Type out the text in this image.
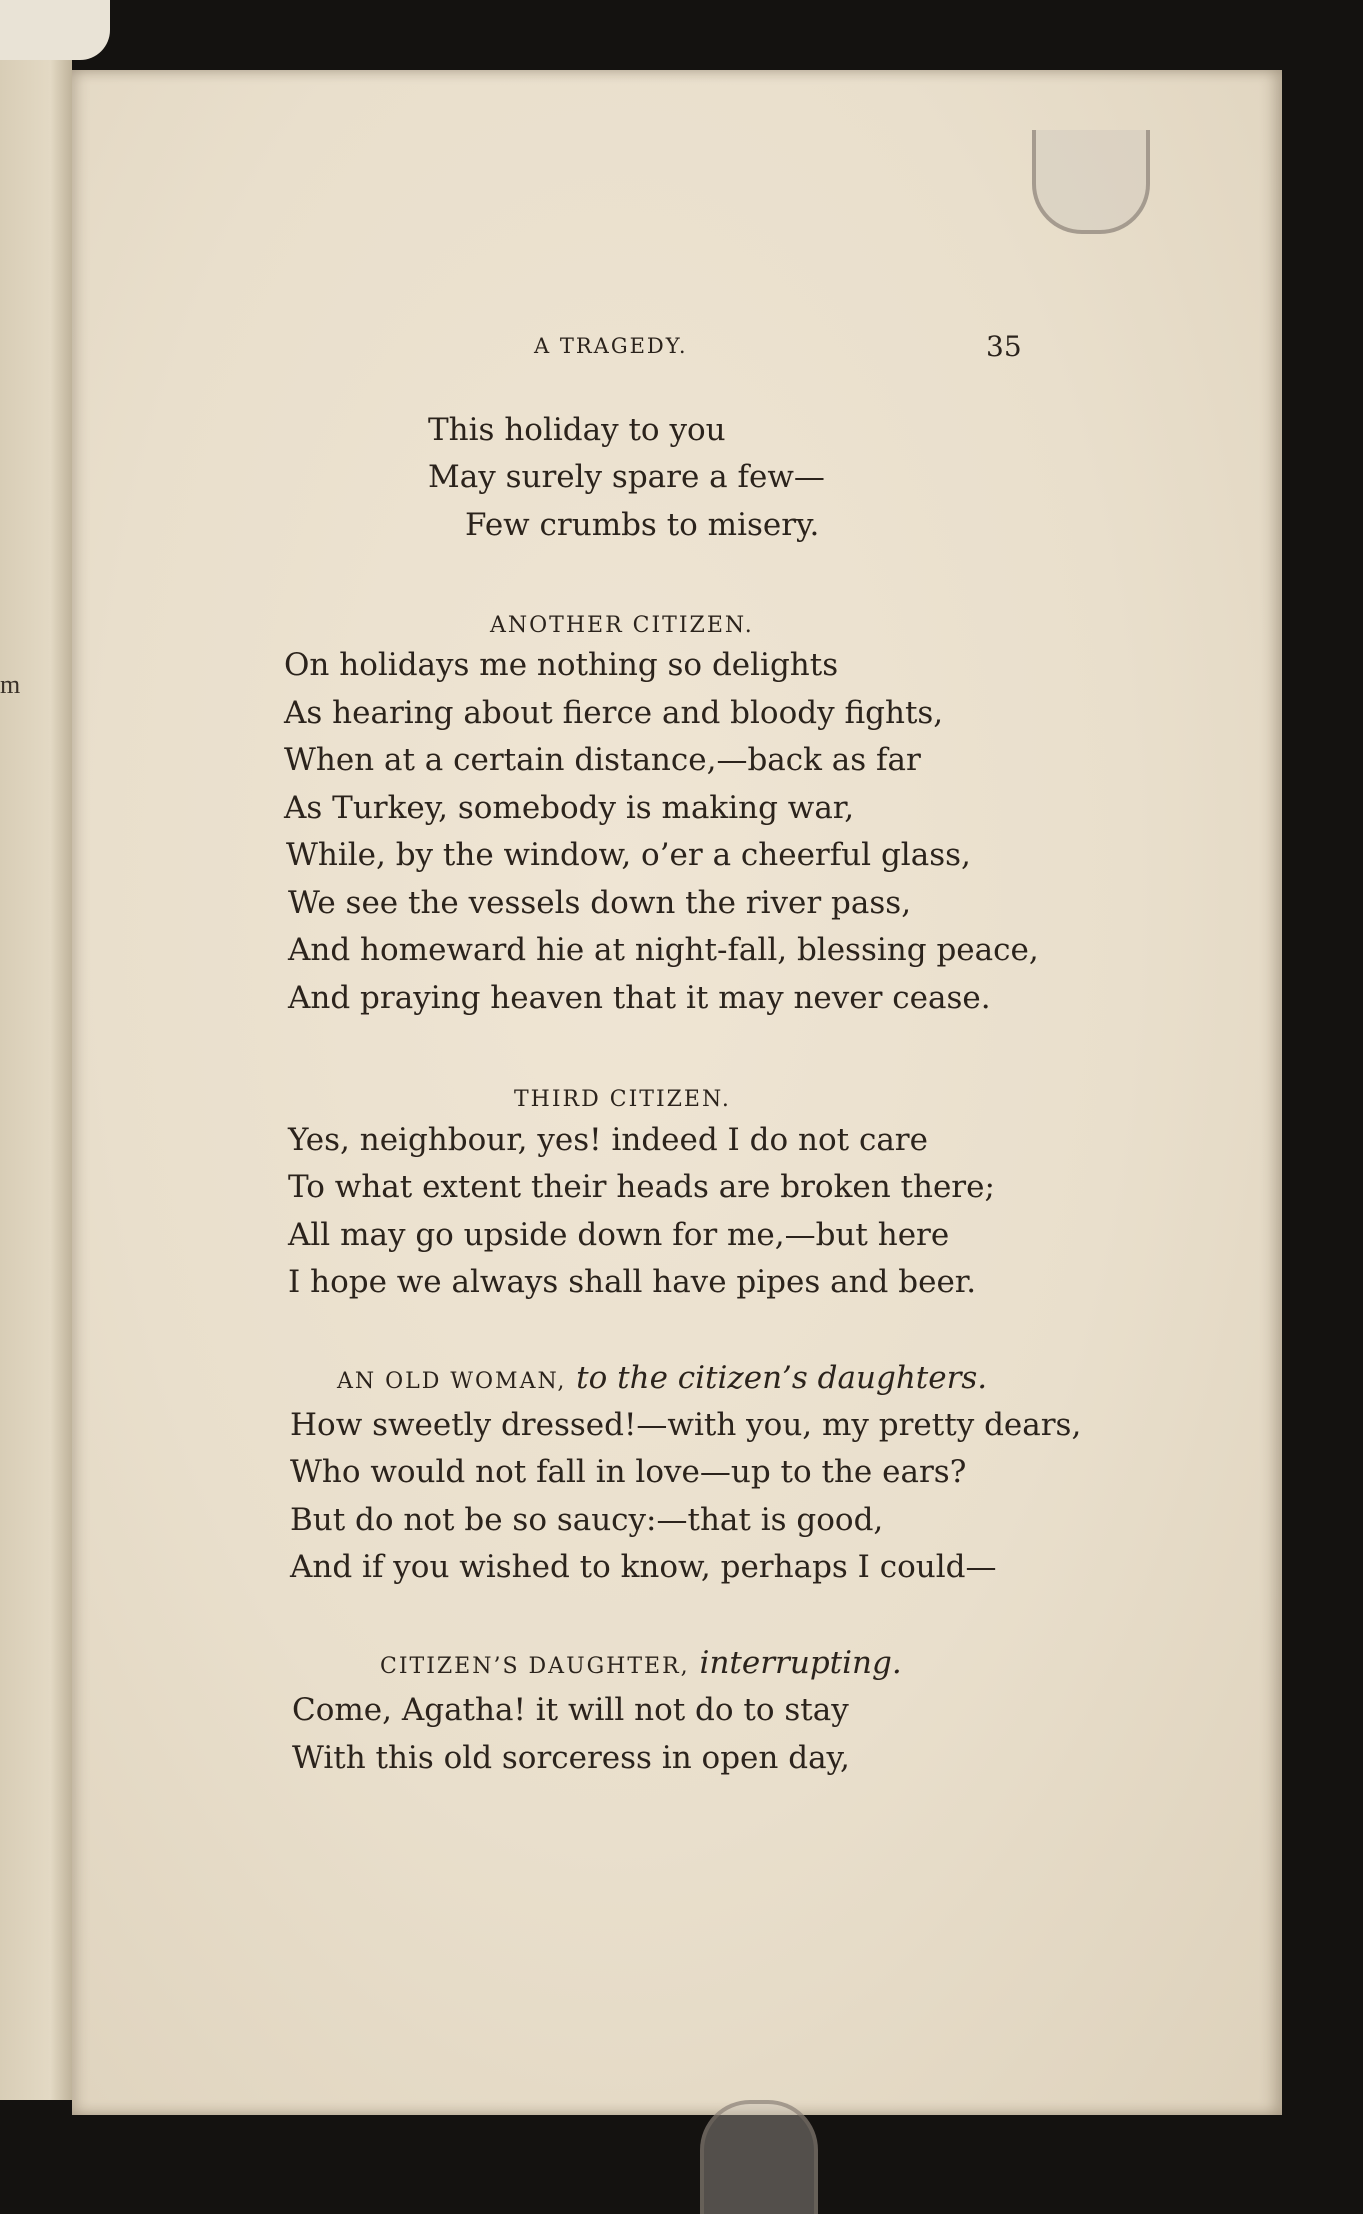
m
A TRAGEDY.	35
This holiday to you
May surely spare a few—
Few crumbs to misery.
ANOTHER CITIZEN.
On holidays me nothing so delights
As hearing about fierce and bloody fights,
When at a certain distance,—back as far
As Turkey, somebody is making war,
While, by the window, o’er a cheerful glass,
We see the vessels down the river pass,
And homeward hie at night-fall, blessing peace,
And praying heaven that it may never cease.
THIRD CITIZEN.
Yes, neighbour, yes! indeed I do not care
To what extent their heads are broken there;
All may go upside down for me,—but here
I hope we always shall have pipes and beer.
AN OLD WOMAN, to the citizen’s daughters.
How sweetly dressed!—with you, my pretty dears,
Who would not fall in love—up to the ears?
But do not be so saucy:—that is good,
And if you wished to know, perhaps I could—
CITIZEN’S DAUGHTER, interrupting.
Come, Agatha! it will not do to stay
With this old sorceress in open day,
